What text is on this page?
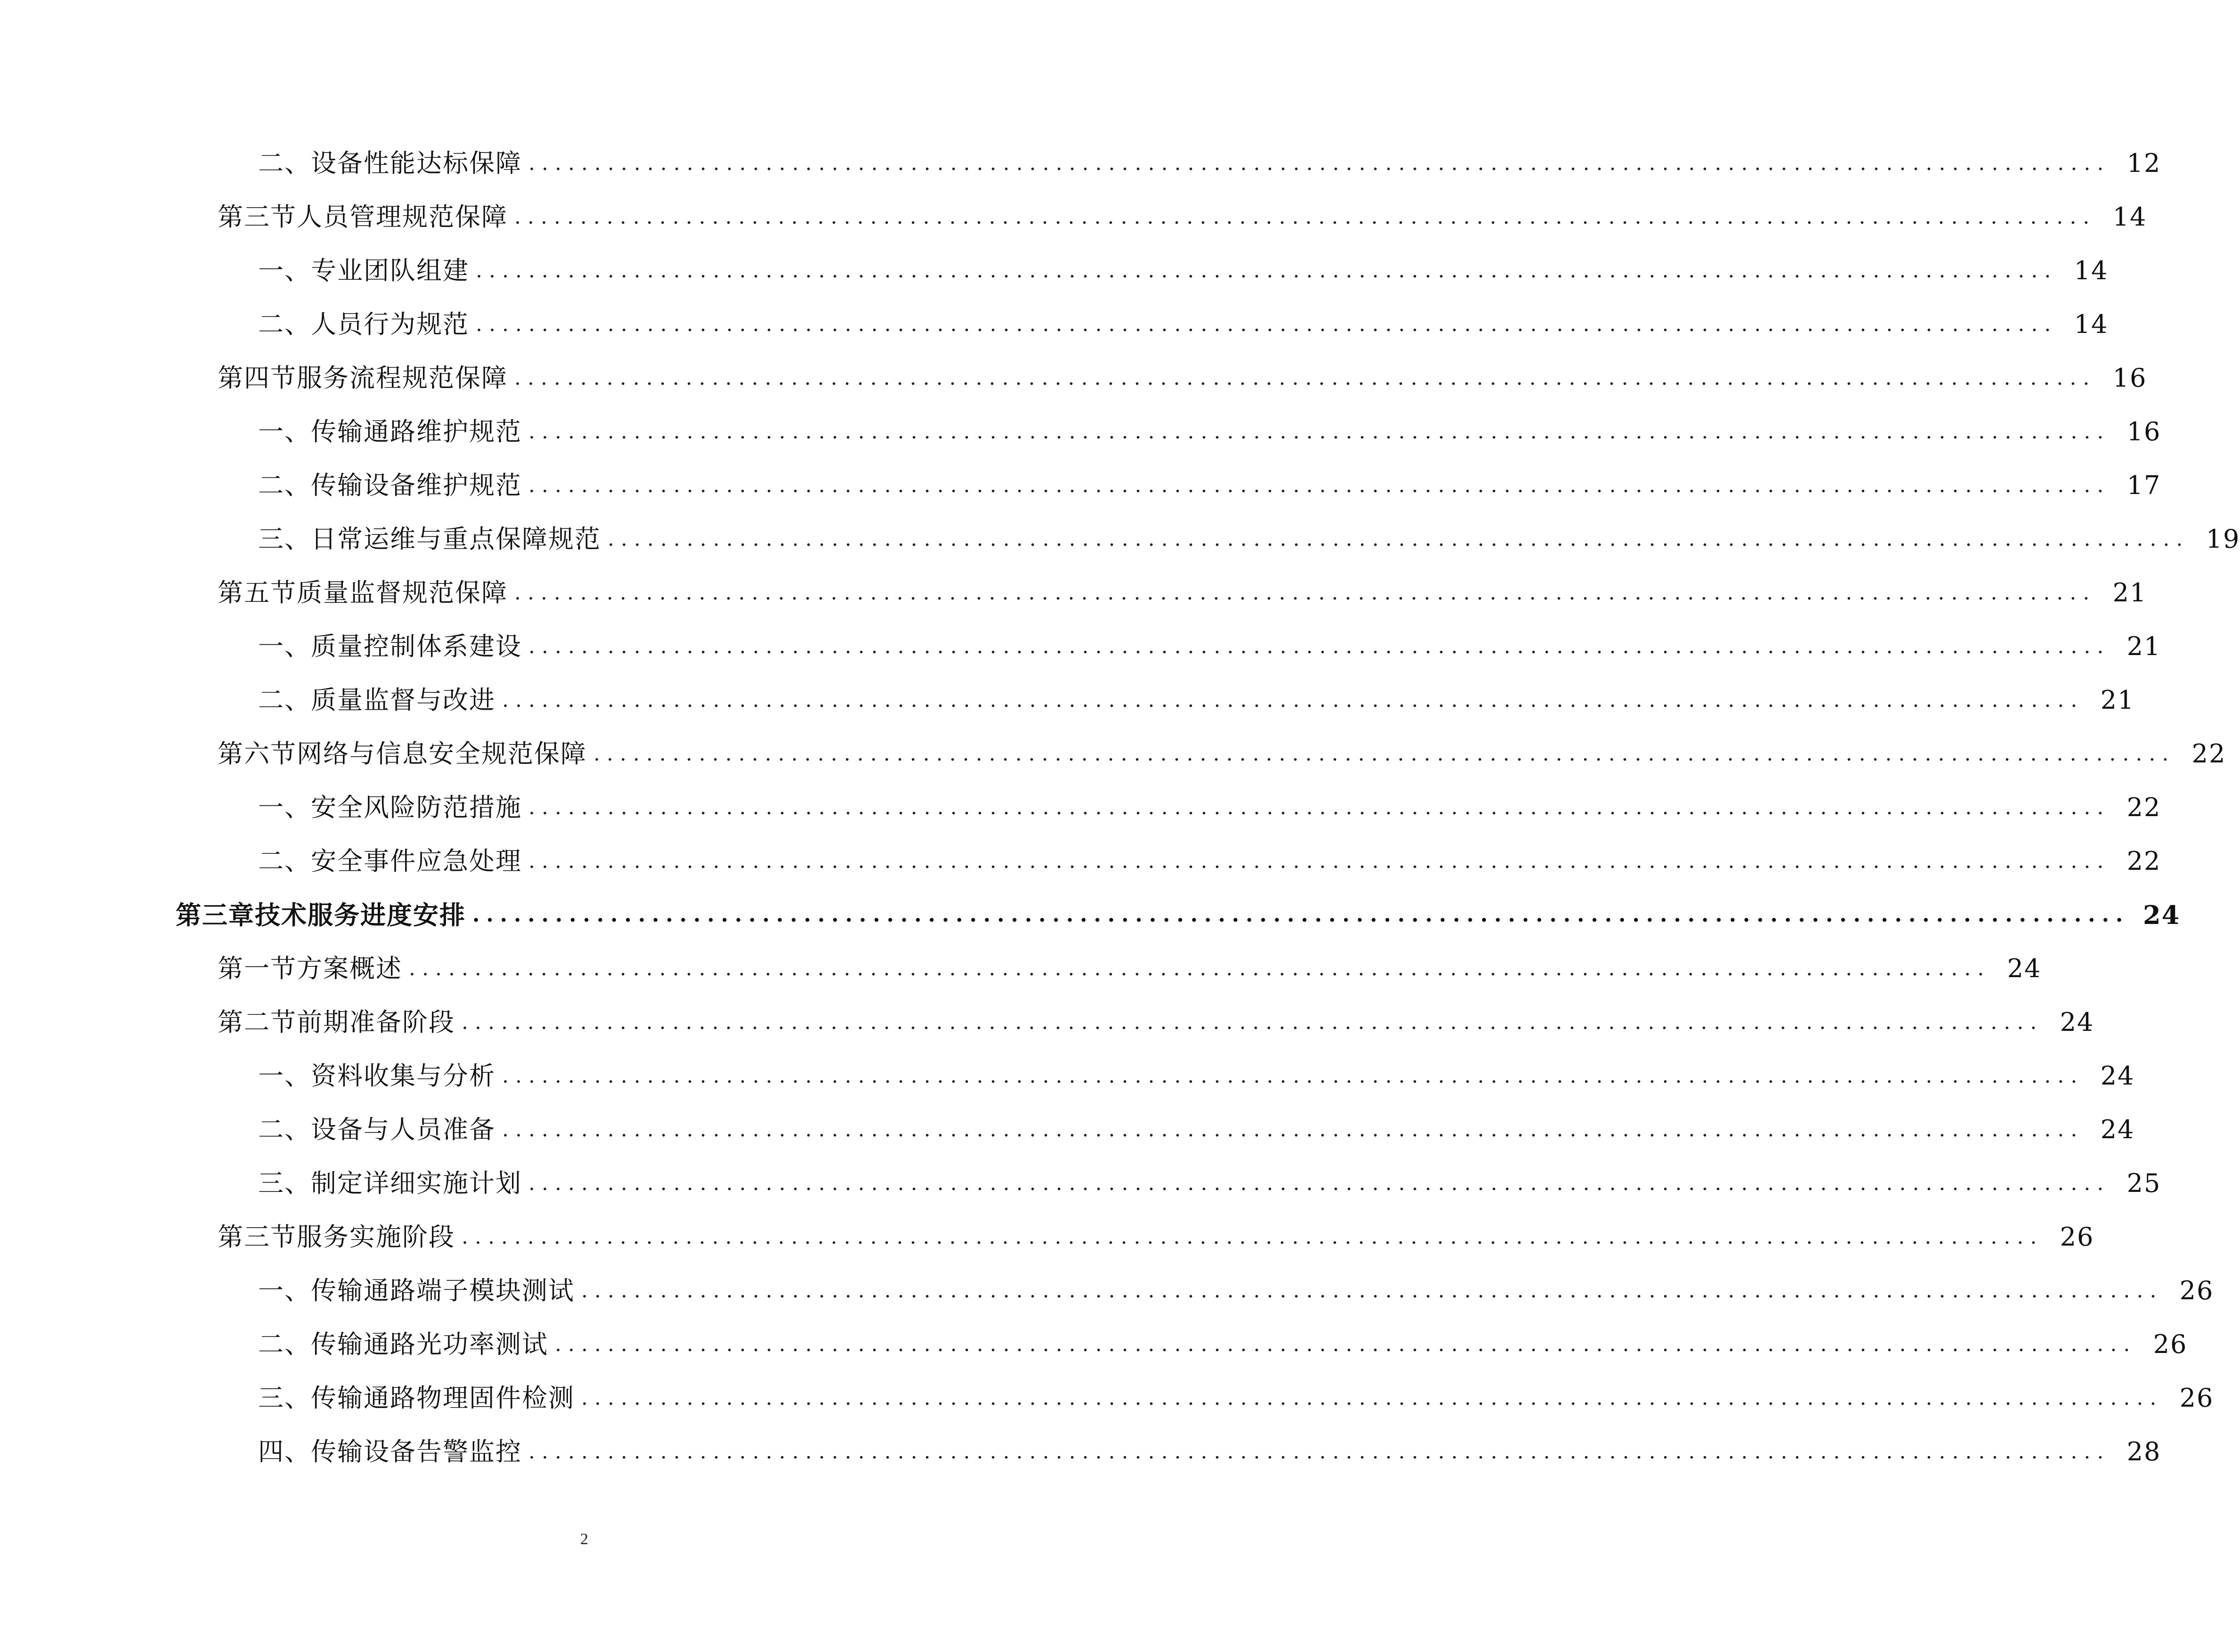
二、 设备性能达标保障 ........................................................................................................................ 12
第三节 人员管理规范保障 ........................................................................................................................ 14
一、 专业团队组建 ........................................................................................................................ 14
二、 人员行为规范 ........................................................................................................................ 14
第四节 服务流程规范保障 ........................................................................................................................ 16
一、 传输通路维护规范 ........................................................................................................................ 16
二、 传输设备维护规范 ........................................................................................................................ 17
三、 日常运维与重点保障规范 ........................................................................................................................ 19
第五节 质量监督规范保障 ........................................................................................................................ 21
一、 质量控制体系建设 ........................................................................................................................ 21
二、 质量监督与改进 ........................................................................................................................ 21
第六节 网络与信息安全规范保障 ........................................................................................................................ 22
一、 安全风险防范措施 ........................................................................................................................ 22
二、 安全事件应急处理 ........................................................................................................................ 22
第三章 技术服务进度安排 ........................................................................................................................ 24
第一节 方案概述 ........................................................................................................................ 24
第二节 前期准备阶段 ........................................................................................................................ 24
一、 资料收集与分析 ........................................................................................................................ 24
二、 设备与人员准备 ........................................................................................................................ 24
三、 制定详细实施计划 ........................................................................................................................ 25
第三节 服务实施阶段 ........................................................................................................................ 26
一、 传输通路端子模块测试 ........................................................................................................................ 26
二、 传输通路光功率测试 ........................................................................................................................ 26
三、 传输通路物理固件检测 ........................................................................................................................ 26
四、 传输设备告警监控 ........................................................................................................................ 28
2
